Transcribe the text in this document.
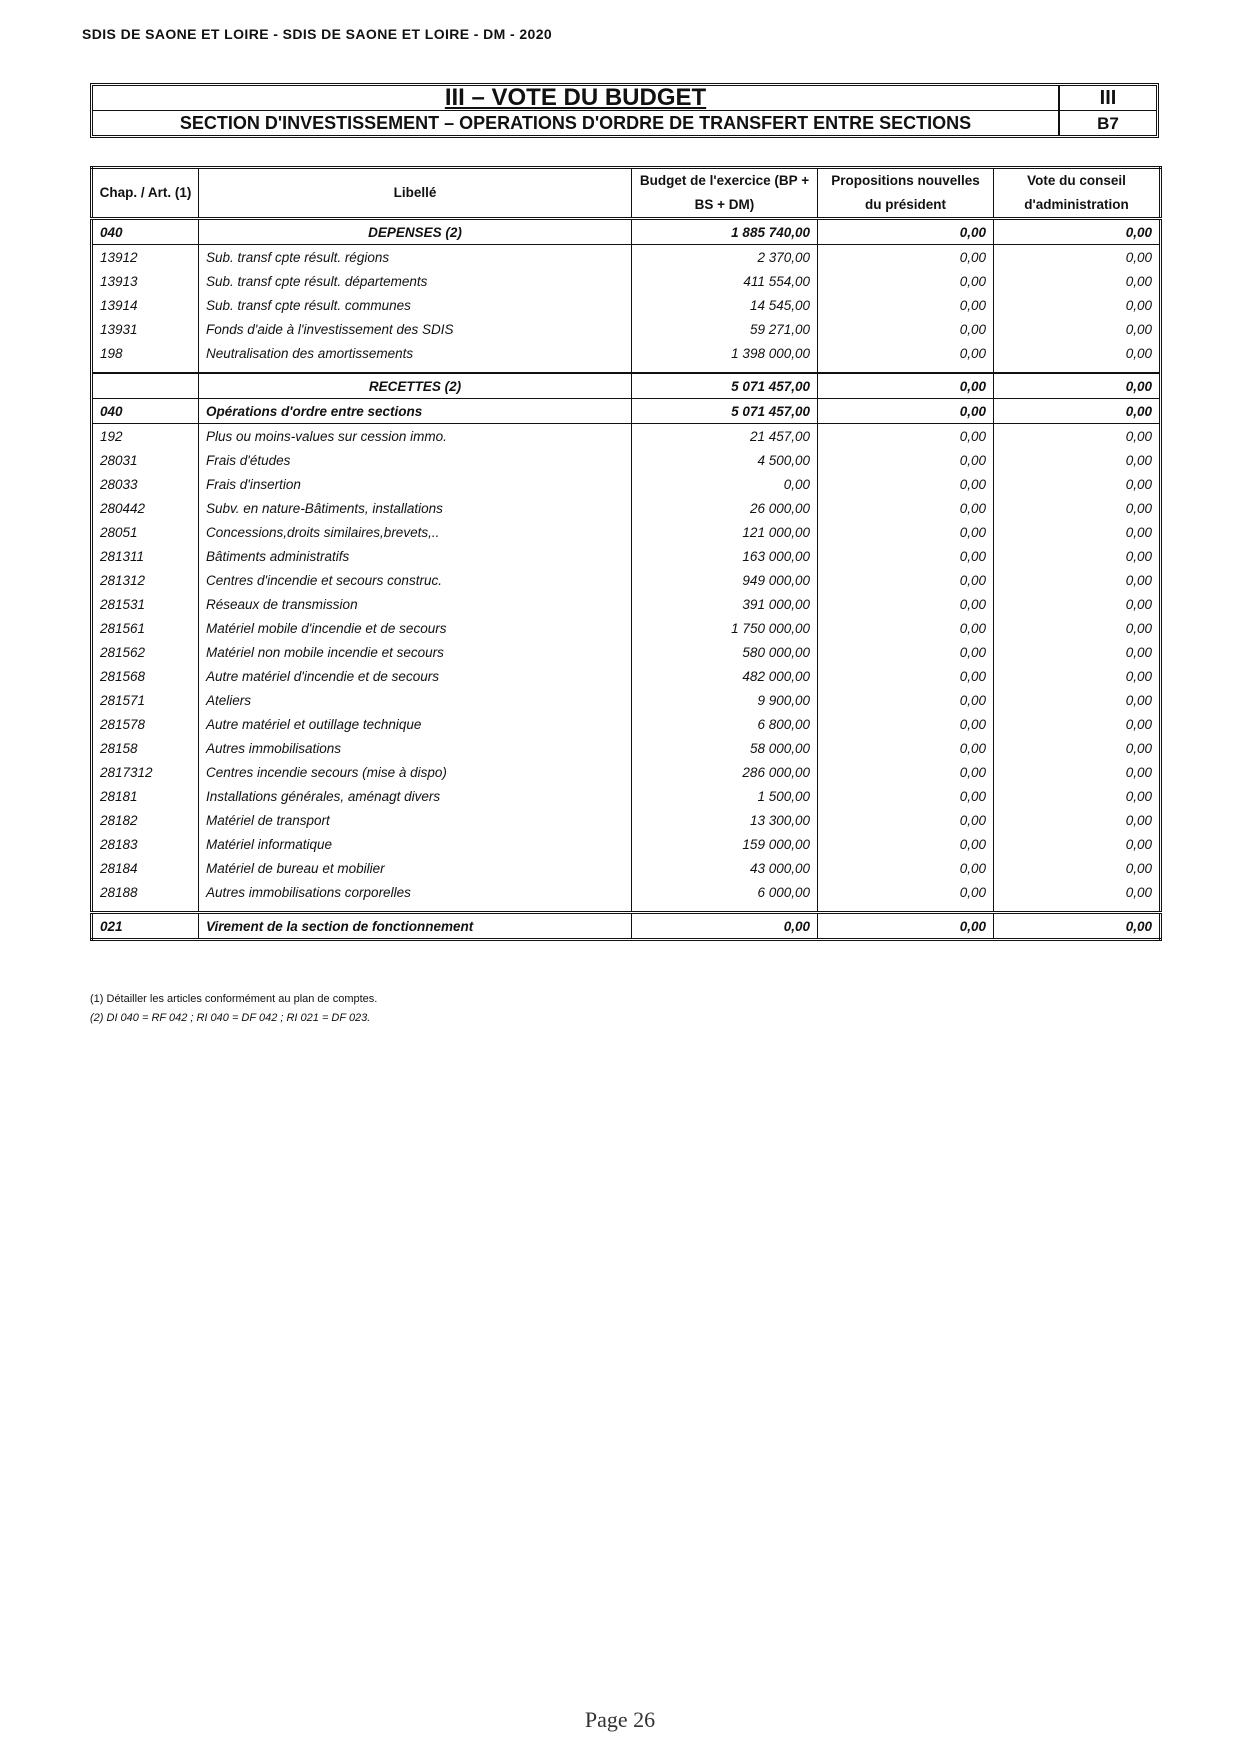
SDIS DE SAONE ET LOIRE - SDIS DE SAONE ET LOIRE - DM - 2020
III – VOTE DU BUDGET	III
SECTION D'INVESTISSEMENT – OPERATIONS D'ORDRE DE TRANSFERT ENTRE SECTIONS	B7
Chap. / Art. (1)	Libellé	Budget de l'exercice (BP + BS + DM)	Propositions nouvelles du président	Vote du conseil d'administration
040	DEPENSES (2)	1 885 740,00	0,00	0,00
13912	Sub. transf cpte résult. régions	2 370,00	0,00	0,00
13913	Sub. transf cpte résult. départements	411 554,00	0,00	0,00
13914	Sub. transf cpte résult. communes	14 545,00	0,00	0,00
13931	Fonds d'aide à l'investissement des SDIS	59 271,00	0,00	0,00
198	Neutralisation des amortissements	1 398 000,00	0,00	0,00

	RECETTES (2)	5 071 457,00	0,00	0,00
040	Opérations d'ordre entre sections	5 071 457,00	0,00	0,00
192	Plus ou moins-values sur cession immo.	21 457,00	0,00	0,00
28031	Frais d'études	4 500,00	0,00	0,00
28033	Frais d'insertion	0,00	0,00	0,00
280442	Subv. en nature-Bâtiments, installations	26 000,00	0,00	0,00
28051	Concessions,droits similaires,brevets,..	121 000,00	0,00	0,00
281311	Bâtiments administratifs	163 000,00	0,00	0,00
281312	Centres d'incendie et secours construc.	949 000,00	0,00	0,00
281531	Réseaux de transmission	391 000,00	0,00	0,00
281561	Matériel mobile d'incendie et de secours	1 750 000,00	0,00	0,00
281562	Matériel non mobile incendie et secours	580 000,00	0,00	0,00
281568	Autre matériel d'incendie et de secours	482 000,00	0,00	0,00
281571	Ateliers	9 900,00	0,00	0,00
281578	Autre matériel et outillage technique	6 800,00	0,00	0,00
28158	Autres immobilisations	58 000,00	0,00	0,00
2817312	Centres incendie secours (mise à dispo)	286 000,00	0,00	0,00
28181	Installations générales, aménagt divers	1 500,00	0,00	0,00
28182	Matériel de transport	13 300,00	0,00	0,00
28183	Matériel informatique	159 000,00	0,00	0,00
28184	Matériel de bureau et mobilier	43 000,00	0,00	0,00
28188	Autres immobilisations corporelles	6 000,00	0,00	0,00

021	Virement de la section de fonctionnement	0,00	0,00	0,00
(1) Détailler les articles conformément au plan de comptes.
(2) DI 040 = RF 042 ; RI 040 = DF 042 ; RI 021 = DF 023.
Page 26
